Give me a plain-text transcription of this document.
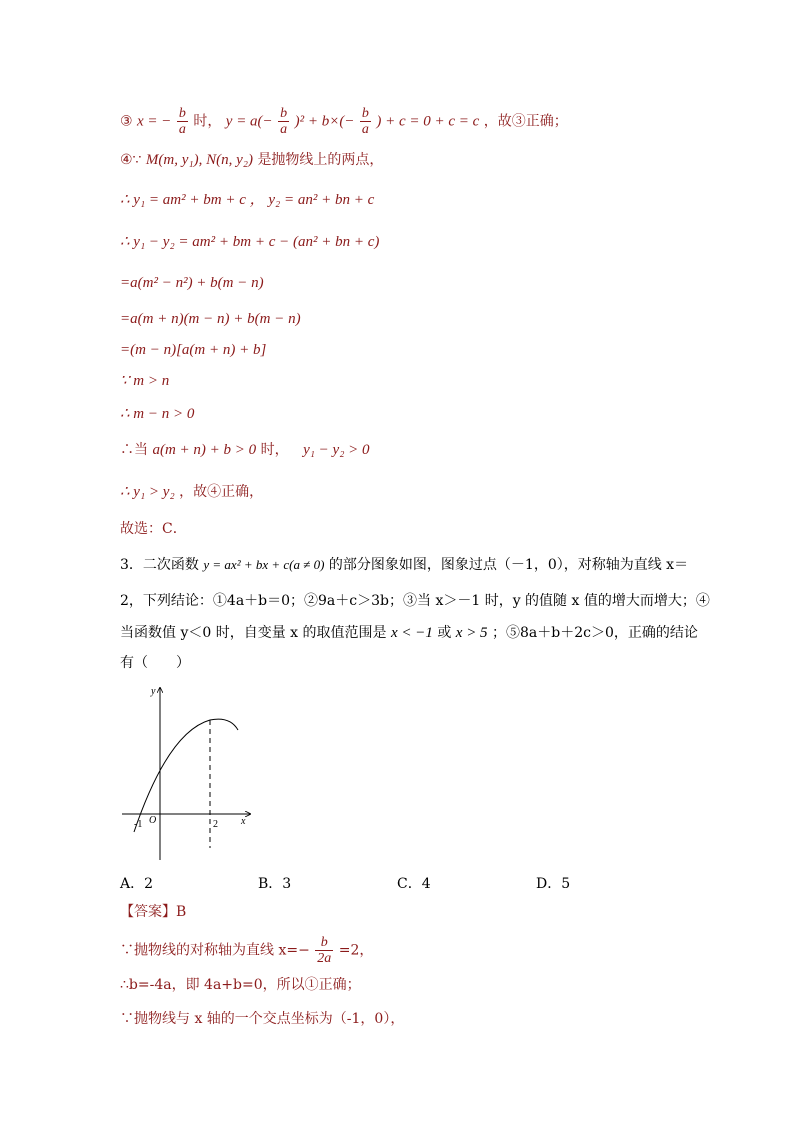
③ x = − $\frac{b}{a}$ 时， $y = a(- \frac{b}{a} )^2 + b\times(- \frac{b}{a}$ ) + c = 0 + c = c ，故③正确；
④∵ M(m, y₁), N(n, y₂) 是抛物线上的两点，
∴ y₁ = am² + bm + c ， y₂ = an² + bn + c
∴ y₁ − y₂ = am² + bm + c − (an² + bn + c)
=a(m² − n²) + b(m − n)
=a(m + n)(m − n) + b(m − n)
=(m − n)[a(m + n) + b]
∵ m > n
∴ m − n > 0
∴当 a(m + n) + b > 0 时， y₁ − y₂ > 0
∴ y₁ > y₂ ，故④正确，
故选：C．
3．二次函数 y = ax² + bx + c(a ≠ 0) 的部分图象如图，图象过点（－1，0），对称轴为直线 x＝
2，下列结论：①4a＋b＝0；②9a＋c＞3b；③当 x＞－1 时，y 的值随 x 值的增大而增大；④
当函数值 y＜0 时，自变量 x 的取值范围是 x < −1 或 x > 5 ；⑤8a＋b＋2c＞0，正确的结论
有（　　）
y
x
O
-1	2
A．2	B．3	C．4	D．5
【答案】B
∵抛物线的对称轴为直线 $x=- \frac{b}{2a} =2$，
∴b=-4a，即 4a+b=0，所以①正确；
∵抛物线与 x 轴的一个交点坐标为（-1，0），
